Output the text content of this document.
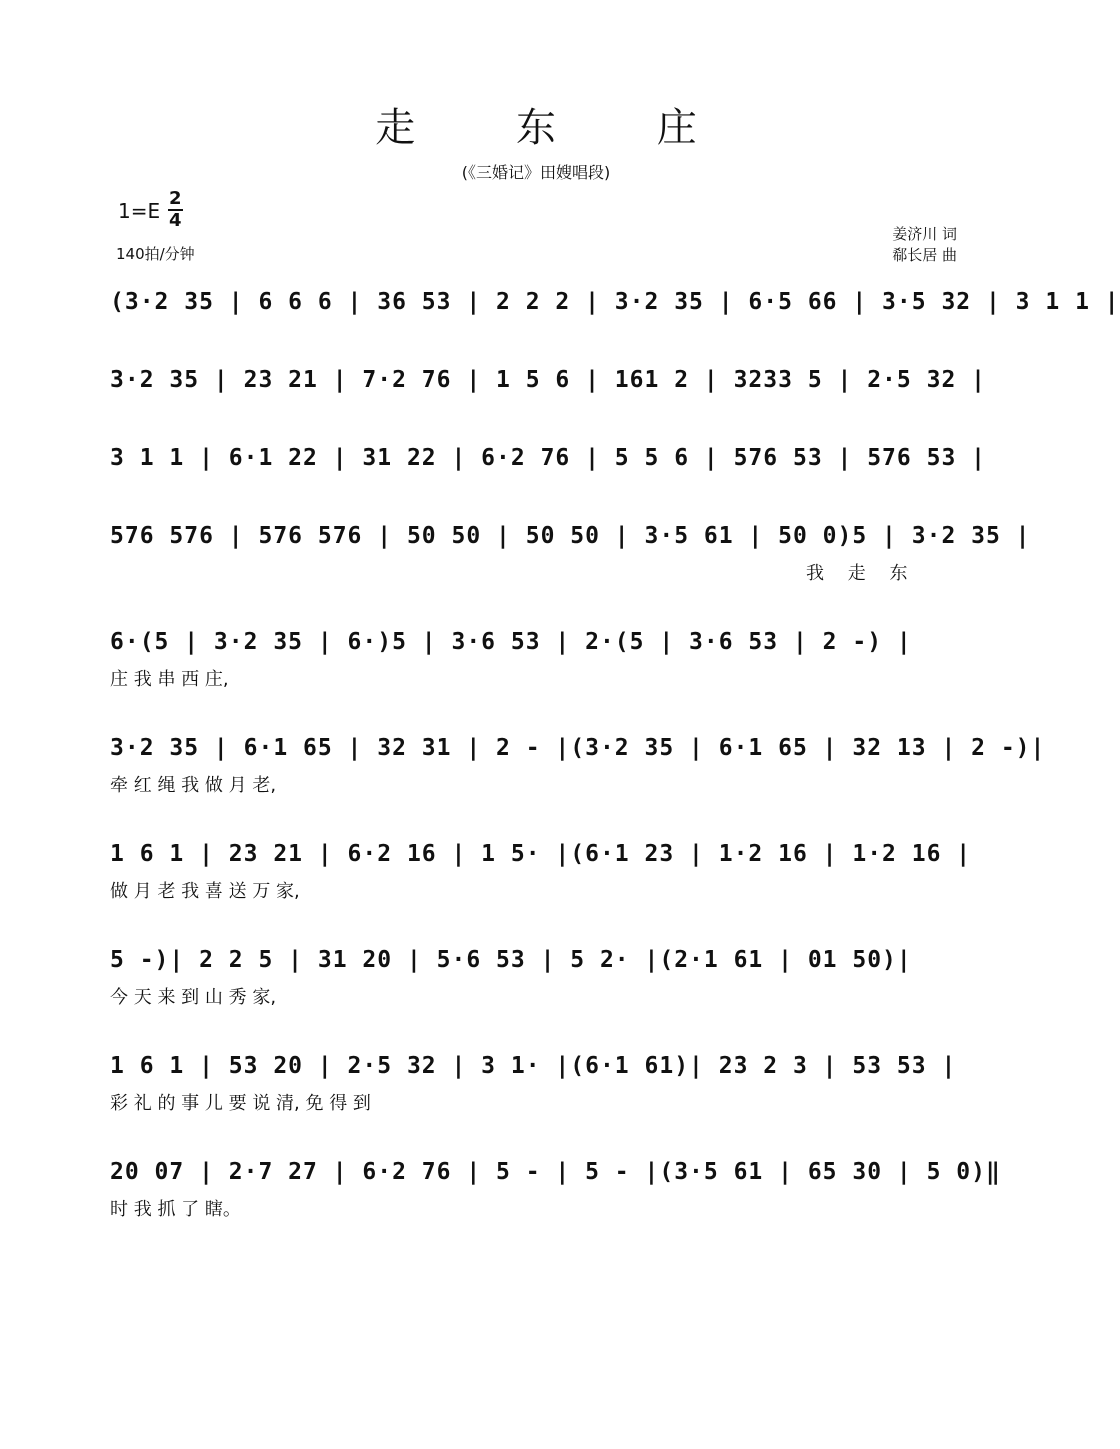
走 东 庄
(《三婚记》田嫂唱段)
1=E
2
4
140拍/分钟
姜济川 词
郗长居 曲
(3·2 35 | 6 6 6 | 36 53 | 2 2 2 | 3·2 35 | 6·5 66 | 3·5 32 | 3 1 1 |
3·2 35 | 23 21 | 7·2 76 | 1 5 6 | 161 2 | 3233 5 | 2·5 32 |
3 1 1 | 6·1 22 | 31 22 | 6·2 76 | 5 5 6 | 576 53 | 576 53 |
576 576 | 576 576 | 50 50 | 50 50 | 3·5 61 | 50 0)5 | 3·2 35 |
我 走 东
6·(5 | 3·2 35 | 6·)5 | 3·6 53 | 2·(5 | 3·6 53 | 2 -) |
庄 我 串 西 庄,
3·2 35 | 6·1 65 | 32 31 | 2 - |(3·2 35 | 6·1 65 | 32 13 | 2 -)|
牵 红 绳 我 做 月 老,
1 6 1 | 23 21 | 6·2 16 | 1 5· |(6·1 23 | 1·2 16 | 1·2 16 |
做 月 老 我 喜 送 万 家,
5 -)| 2 2 5 | 31 20 | 5·6 53 | 5 2· |(2·1 61 | 01 50)|
今 天 来 到 山 秀 家,
1 6 1 | 53 20 | 2·5 32 | 3 1· |(6·1 61)| 23 2 3 | 53 53 |
彩 礼 的 事 儿 要 说 清, 免 得 到
20 07 | 2·7 27 | 6·2 76 | 5 - | 5 - |(3·5 61 | 65 30 | 5 0)‖
时 我 抓 了 瞎。
